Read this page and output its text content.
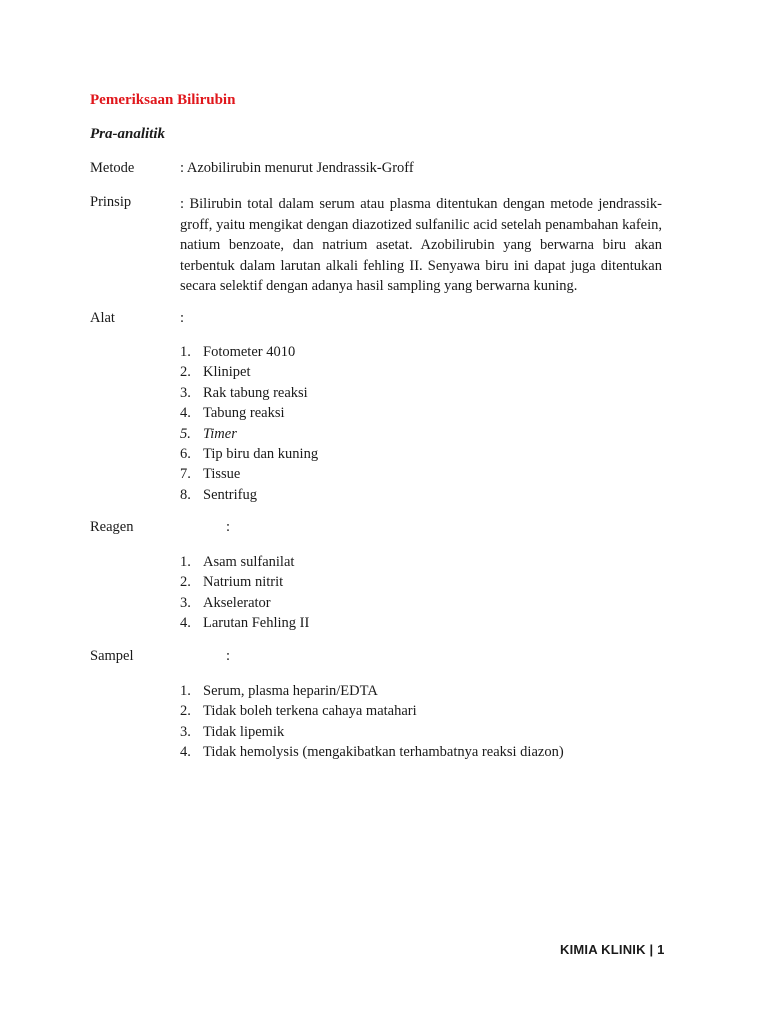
Pemeriksaan Bilirubin
Pra-analitik
Metode	: Azobilirubin menurut Jendrassik-Groff
Prinsip	: Bilirubin total dalam serum atau plasma ditentukan dengan metode jendrassik-groff, yaitu mengikat dengan diazotized sulfanilic acid setelah penambahan kafein, natium benzoate, dan natrium asetat. Azobilirubin yang berwarna biru akan terbentuk dalam larutan alkali fehling II. Senyawa biru ini dapat juga ditentukan secara selektif dengan adanya hasil sampling yang berwarna kuning.
Alat	:
1. Fotometer 4010
2. Klinipet
3. Rak tabung reaksi
4. Tabung reaksi
5. Timer
6. Tip biru dan kuning
7. Tissue
8. Sentrifug
Reagen	:
1. Asam sulfanilat
2. Natrium nitrit
3. Akselerator
4. Larutan Fehling II
Sampel	:
1. Serum, plasma heparin/EDTA
2. Tidak boleh terkena cahaya matahari
3. Tidak lipemik
4. Tidak hemolysis (mengakibatkan terhambatnya reaksi diazon)
KIMIA KLINIK | 1
